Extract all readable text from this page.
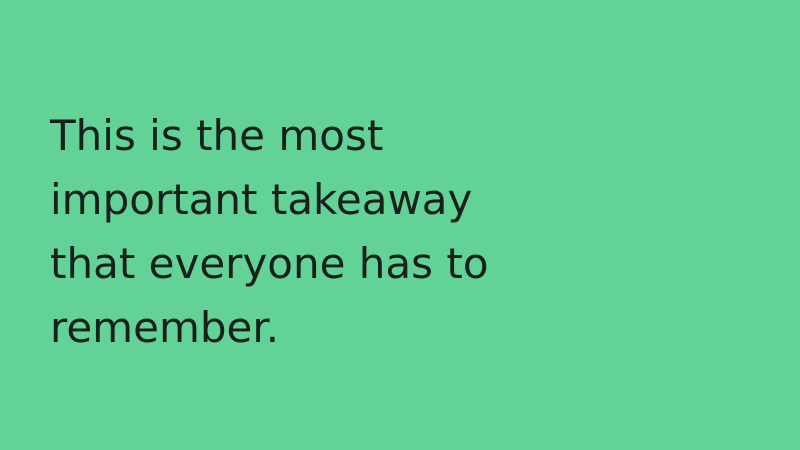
This is the most
important takeaway
that everyone has to
remember.
